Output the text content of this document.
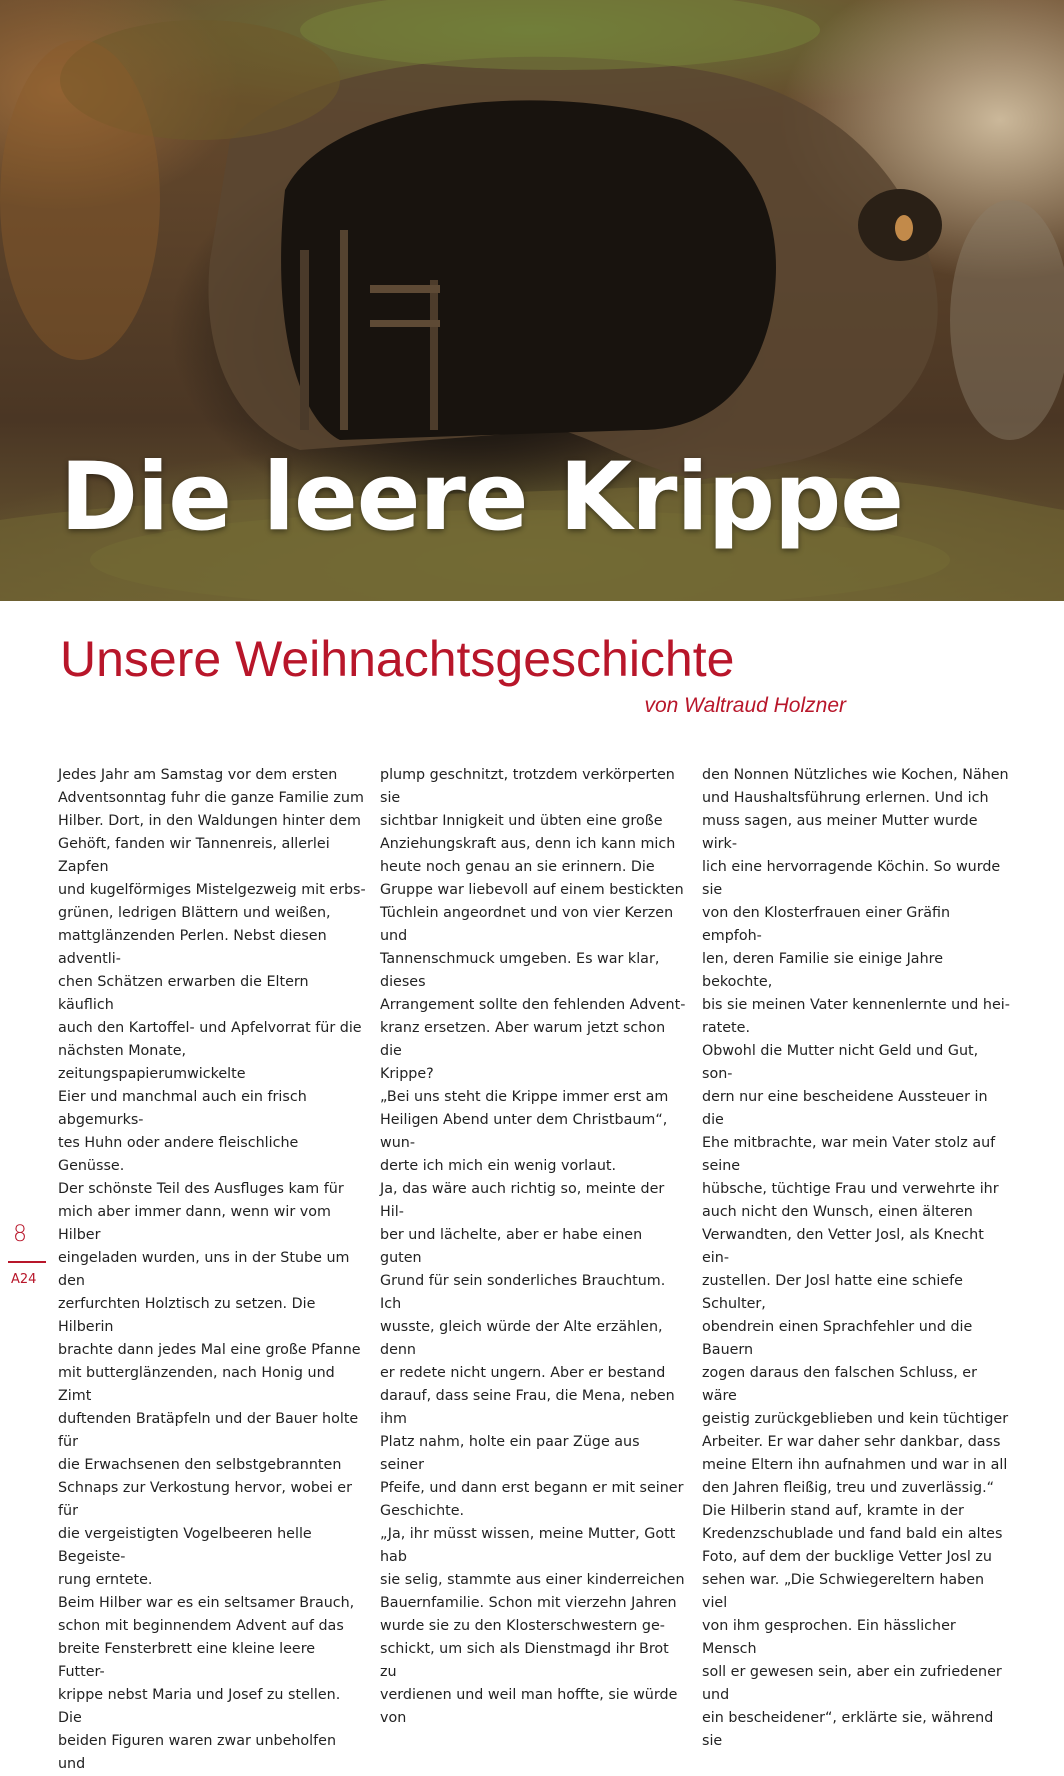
Die leere Krippe
Unsere Weihnachtsgeschichte
von Waltraud Holzner

Jedes Jahr am Samstag vor dem ersten
Adventsonntag fuhr die ganze Familie zum
Hilber. Dort, in den Waldungen hinter dem
Gehöft, fanden wir Tannenreis, allerlei Zapfen
und kugelförmiges Mistelgezweig mit erbs-
grünen, ledrigen Blättern und weißen,
mattglänzenden Perlen. Nebst diesen adventli-
chen Schätzen erwarben die Eltern käuflich
auch den Kartoffel- und Apfelvorrat für die
nächsten Monate, zeitungspapierumwickelte
Eier und manchmal auch ein frisch abgemurks-
tes Huhn oder andere fleischliche Genüsse.
Der schönste Teil des Ausfluges kam für
mich aber immer dann, wenn wir vom Hilber
eingeladen wurden, uns in der Stube um den
zerfurchten Holztisch zu setzen. Die Hilberin
brachte dann jedes Mal eine große Pfanne
mit butterglänzenden, nach Honig und Zimt
duftenden Bratäpfeln und der Bauer holte für
die Erwachsenen den selbstgebrannten
Schnaps zur Verkostung hervor, wobei er für
die vergeistigten Vogelbeeren helle Begeiste-
rung erntete.
Beim Hilber war es ein seltsamer Brauch,
schon mit beginnendem Advent auf das
breite Fensterbrett eine kleine leere Futter-
krippe nebst Maria und Josef zu stellen. Die
beiden Figuren waren zwar unbeholfen und

plump geschnitzt, trotzdem verkörperten sie
sichtbar Innigkeit und übten eine große
Anziehungskraft aus, denn ich kann mich
heute noch genau an sie erinnern. Die
Gruppe war liebevoll auf einem bestickten
Tüchlein angeordnet und von vier Kerzen und
Tannenschmuck umgeben. Es war klar, dieses
Arrangement sollte den fehlenden Advent-
kranz ersetzen. Aber warum jetzt schon die
Krippe?
„Bei uns steht die Krippe immer erst am
Heiligen Abend unter dem Christbaum“, wun-
derte ich mich ein wenig vorlaut.
Ja, das wäre auch richtig so, meinte der Hil-
ber und lächelte, aber er habe einen guten
Grund für sein sonderliches Brauchtum. Ich
wusste, gleich würde der Alte erzählen, denn
er redete nicht ungern. Aber er bestand
darauf, dass seine Frau, die Mena, neben ihm
Platz nahm, holte ein paar Züge aus seiner
Pfeife, und dann erst begann er mit seiner
Geschichte.
„Ja, ihr müsst wissen, meine Mutter, Gott hab
sie selig, stammte aus einer kinderreichen
Bauernfamilie. Schon mit vierzehn Jahren
wurde sie zu den Klosterschwestern ge-
schickt, um sich als Dienstmagd ihr Brot zu
verdienen und weil man hoffte, sie würde von

den Nonnen Nützliches wie Kochen, Nähen
und Haushaltsführung erlernen. Und ich
muss sagen, aus meiner Mutter wurde wirk-
lich eine hervorragende Köchin. So wurde sie
von den Klosterfrauen einer Gräfin empfoh-
len, deren Familie sie einige Jahre bekochte,
bis sie meinen Vater kennenlernte und hei-
ratete.
Obwohl die Mutter nicht Geld und Gut, son-
dern nur eine bescheidene Aussteuer in die
Ehe mitbrachte, war mein Vater stolz auf seine
hübsche, tüchtige Frau und verwehrte ihr
auch nicht den Wunsch, einen älteren
Verwandten, den Vetter Josl, als Knecht ein-
zustellen. Der Josl hatte eine schiefe Schulter,
obendrein einen Sprachfehler und die Bauern
zogen daraus den falschen Schluss, er wäre
geistig zurückgeblieben und kein tüchtiger
Arbeiter. Er war daher sehr dankbar, dass
meine Eltern ihn aufnahmen und war in all
den Jahren fleißig, treu und zuverlässig.“
Die Hilberin stand auf, kramte in der
Kredenzschublade und fand bald ein altes
Foto, auf dem der bucklige Vetter Josl zu
sehen war. „Die Schwiegereltern haben viel
von ihm gesprochen. Ein hässlicher Mensch
soll er gewesen sein, aber ein zufriedener und
ein bescheidener“, erklärte sie, während sie

8
A24
